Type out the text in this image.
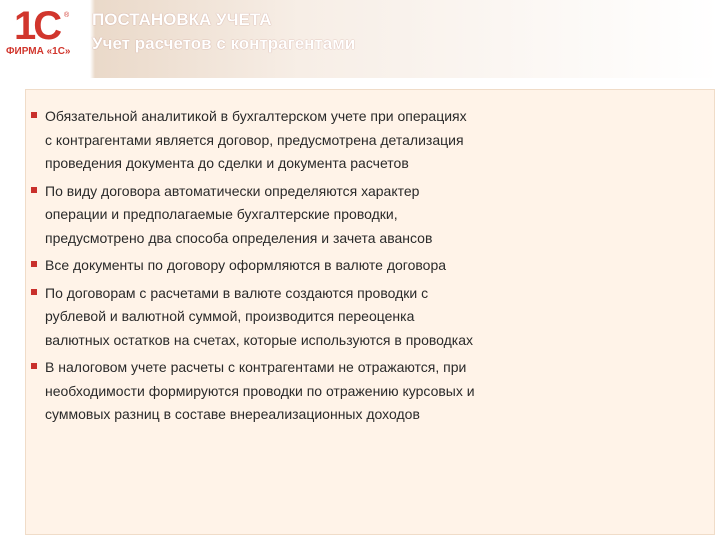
1С ®
ФИРМА «1С»
ПОСТАНОВКА УЧЕТА
Учет расчетов с контрагентами
Обязательной аналитикой в бухгалтерском учете при операциях
с контрагентами является договор, предусмотрена детализация
проведения документа до сделки и документа расчетов
По виду договора автоматически определяются характер
операции и предполагаемые бухгалтерские проводки,
предусмотрено два способа определения и зачета авансов
Все документы по договору оформляются в валюте договора
По договорам с расчетами в валюте создаются проводки с
рублевой и валютной суммой, производится переоценка
валютных остатков на счетах, которые используются в проводках
В налоговом учете расчеты с контрагентами не отражаются, при
необходимости формируются проводки по отражению курсовых и
суммовых разниц в составе внереализационных доходов
